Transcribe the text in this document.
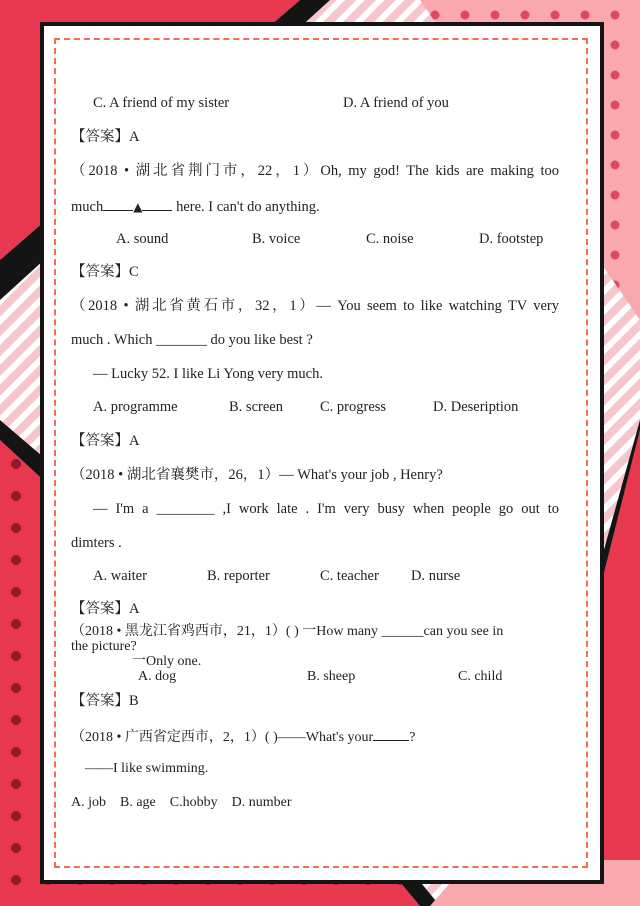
C. A friend of my sister	D. A friend of you
【答案】A
（2018 • 湖北省荆门市，22，1）Oh, my god! The kids are making too
much	▲ here. I can't do anything.
A. sound	B. voice	C. noise	D. footstep
【答案】C
（2018 • 湖北省黄石市，32，1）— You seem to like watching TV very
much . Which _______ do you like best ?
— Lucky 52. I like Li Yong very much.
A. programme	B. screen	C. progress	D. Deseription
【答案】A
（2018 • 湖北省襄樊市，26，1）— What's your job , Henry?
— I'm a ________ ,I work late . I'm very busy when people go out to
dimters .
A. waiter	B. reporter	C. teacher D. nurse
【答案】A
（2018 • 黑龙江省鸡西市，21，1）( ) 一How many ______can you see in
the picture?
一Only one.
A. dog	B. sheep	C. child
【答案】B
（2018 • 广西省定西市，2，1）( )——What's your	?
——I like swimming.
A. job    B. age    C.hobby    D. number
